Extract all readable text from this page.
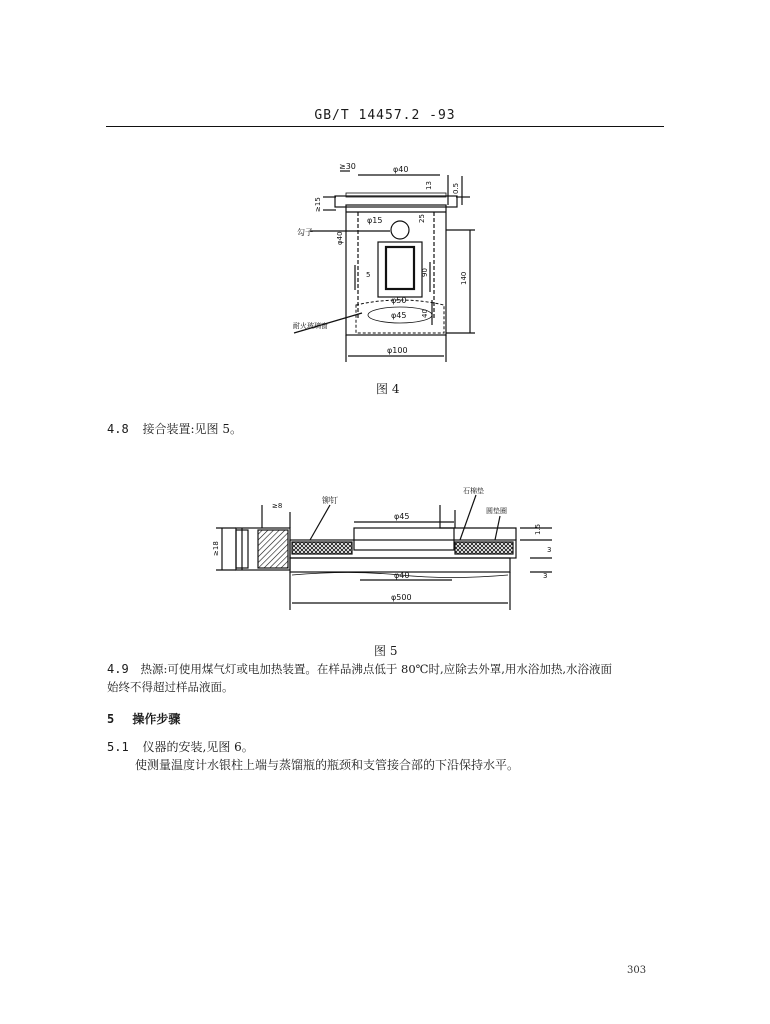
GB/T 14457.2 -93
≥30	φ40
13	0.5
≥15
φ15	25
勾子	φ40
5	90	140
φ50
φ45 40
耐火玻璃窗
φ100
图 4
4.8 接合装置:见图 5。
≥8
铆钉
石棉垫
圆垫圈
φ45
≥18
1.5
3
3
φ40
φ500
图 5
4.9 热源:可使用煤气灯或电加热装置。在样品沸点低于 80℃时,应除去外罩,用水浴加热,水浴液面
始终不得超过样品液面。
5 操作步骤
5.1 仪器的安装,见图 6。
使测量温度计水银柱上端与蒸馏瓶的瓶颈和支管接合部的下沿保持水平。
303
